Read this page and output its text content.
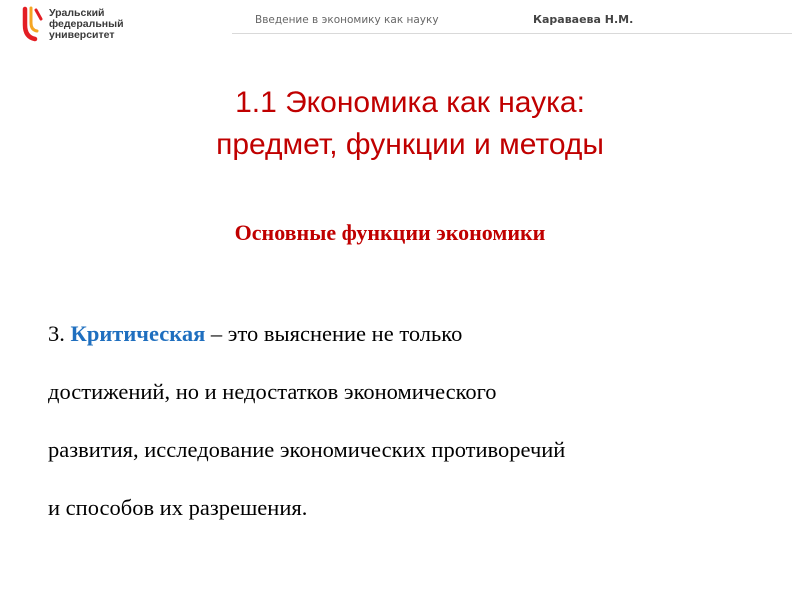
Уральский
федеральный
университет
Введение в экономику как науку	Караваева Н.М.
1.1 Экономика как наука:
предмет, функции и методы
Основные функции экономики
3. Критическая – это выяснение не только
достижений, но и недостатков экономического
развития, исследование экономических противоречий
и способов их разрешения.
